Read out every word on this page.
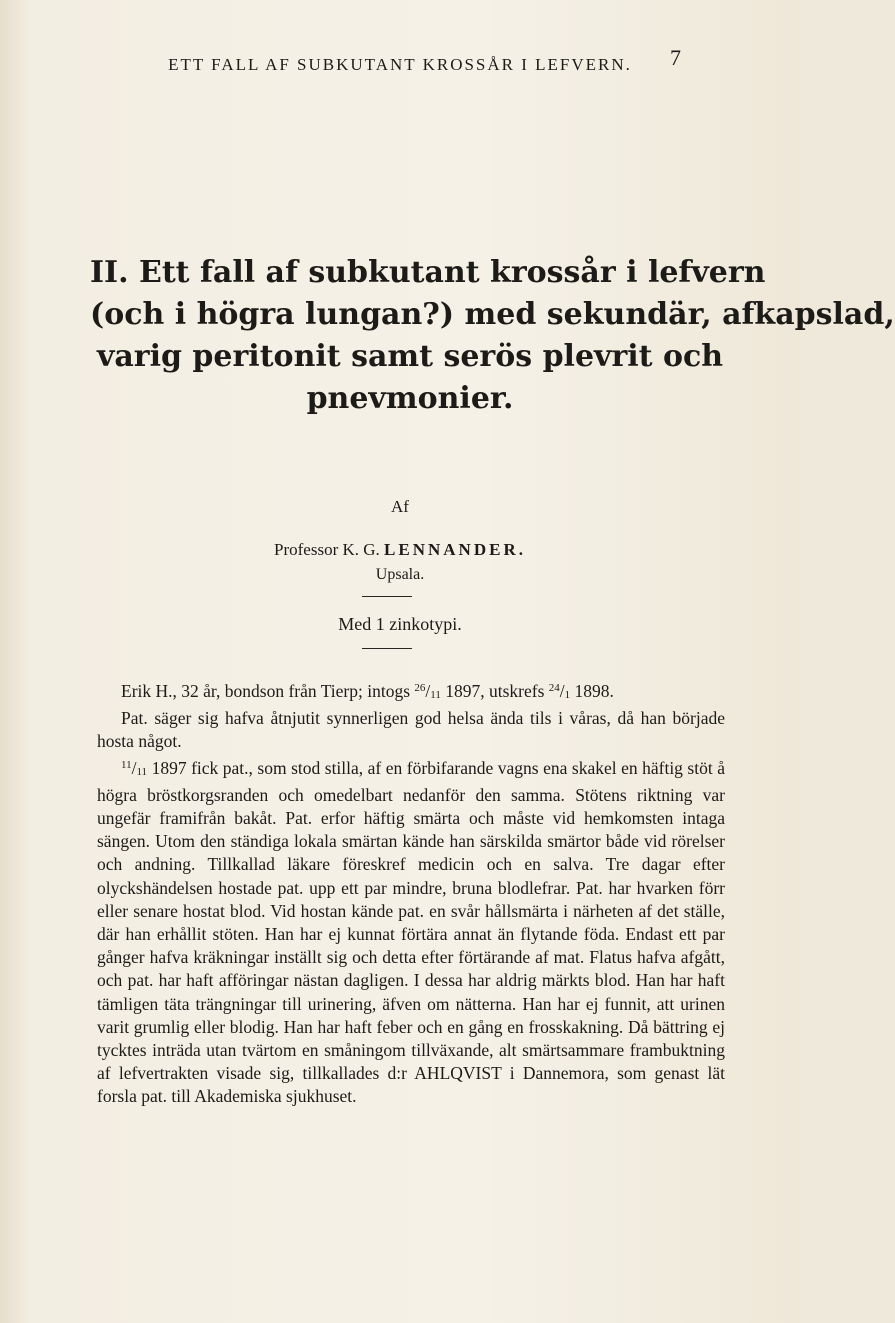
ETT FALL AF SUBKUTANT KROSSÅR I LEFVERN.	7
II. Ett fall af subkutant krossår i lefvern
(och i högra lungan?) med sekundär, afkapslad,
varig peritonit samt serös plevrit och
pnevmonier.
Af
Professor K. G. LENNANDER.
Upsala.
Med 1 zinkotypi.

Erik H., 32 år, bondson från Tierp; intogs $^{26}/_{11}$ 1897, utskrefs $^{24}/_1$ 1898.

Pat. säger sig hafva åtnjutit synnerligen god helsa ända tils i våras, då han började hosta något.

$^{11}/_{11}$ 1897 fick pat., som stod stilla, af en förbifarande vagns ena skakel en häftig stöt å högra bröstkorgsranden och omedelbart nedanför den samma. Stötens riktning var ungefär framifrån bakåt. Pat. erfor häftig smärta och måste vid hemkomsten intaga sängen. Utom den ständiga lokala smärtan kände han särskilda smärtor både vid rörelser och andning. Tillkallad läkare föreskref medicin och en salva. Tre dagar efter olyckshändelsen hostade pat. upp ett par mindre, bruna blodlefrar. Pat. har hvarken förr eller senare hostat blod. Vid hostan kände pat. en svår hållsmärta i närheten af det ställe, där han erhållit stöten. Han har ej kunnat förtära annat än flytande föda. Endast ett par gånger hafva kräkningar inställt sig och detta efter förtärande af mat. Flatus hafva afgått, och pat. har haft afföringar nästan dagligen. I dessa har aldrig märkts blod. Han har haft tämligen täta trängningar till urinering, äfven om nätterna. Han har ej funnit, att urinen varit grumlig eller blodig. Han har haft feber och en gång en frosskakning. Då bättring ej tycktes inträda utan tvärtom en småningom tillväxande, alt smärtsammare frambuktning af lefvertrakten visade sig, tillkallades d:r AHLQVIST i Dannemora, som genast lät forsla pat. till Akademiska sjukhuset.
